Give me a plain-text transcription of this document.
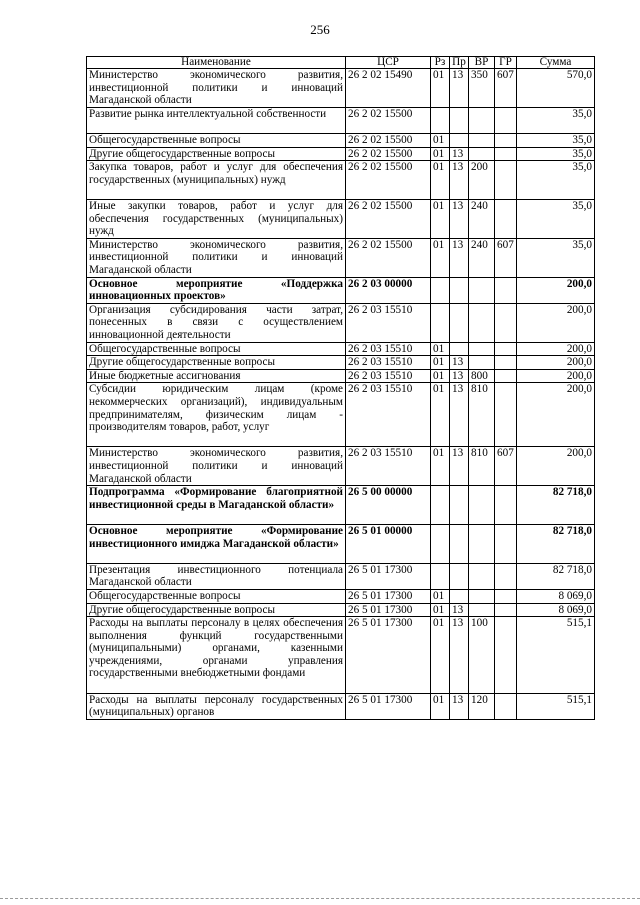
256
Наименование	ЦСР	Рз	Пр	ВР	ГР	Сумма
Министерство экономического развития, инвестиционной политики и инноваций Магаданской области	26 2 02 15490	01	13	350	607	570,0
Развитие рынка интеллектуальной собственности	26 2 02 15500					35,0
Общегосударственные вопросы	26 2 02 15500	01				35,0
Другие общегосударственные вопросы	26 2 02 15500	01	13			35,0
Закупка товаров, работ и услуг для обеспечения государственных (муниципальных) нужд	26 2 02 15500	01	13	200		35,0
Иные закупки товаров, работ и услуг для обеспечения государственных (муниципальных) нужд	26 2 02 15500	01	13	240		35,0
Министерство экономического развития, инвестиционной политики и инноваций Магаданской области	26 2 02 15500	01	13	240	607	35,0
Основное мероприятие «Поддержка инновационных проектов»	26 2 03 00000					200,0
Организация субсидирования части затрат, понесенных в связи с осуществлением инновационной деятельности	26 2 03 15510					200,0
Общегосударственные вопросы	26 2 03 15510	01				200,0
Другие общегосударственные вопросы	26 2 03 15510	01	13			200,0
Иные бюджетные ассигнования	26 2 03 15510	01	13	800		200,0
Субсидии юридическим лицам (кроме некоммерческих организаций), индивидуальным предпринимателям, физическим лицам - производителям товаров, работ, услуг	26 2 03 15510	01	13	810		200,0
Министерство экономического развития, инвестиционной политики и инноваций Магаданской области	26 2 03 15510	01	13	810	607	200,0
Подпрограмма «Формирование благоприятной инвестиционной среды в Магаданской области»	26 5 00 00000					82 718,0
Основное мероприятие «Формирование инвестиционного имиджа Магаданской области»	26 5 01 00000					82 718,0
Презентация инвестиционного потенциала Магаданской области	26 5 01 17300					82 718,0
Общегосударственные вопросы	26 5 01 17300	01				8 069,0
Другие общегосударственные вопросы	26 5 01 17300	01	13			8 069,0
Расходы на выплаты персоналу в целях обеспечения выполнения функций государственными (муниципальными) органами, казенными учреждениями, органами управления государственными внебюджетными фондами	26 5 01 17300	01	13	100		515,1
Расходы на выплаты персоналу государственных (муниципальных) органов	26 5 01 17300	01	13	120		515,1
